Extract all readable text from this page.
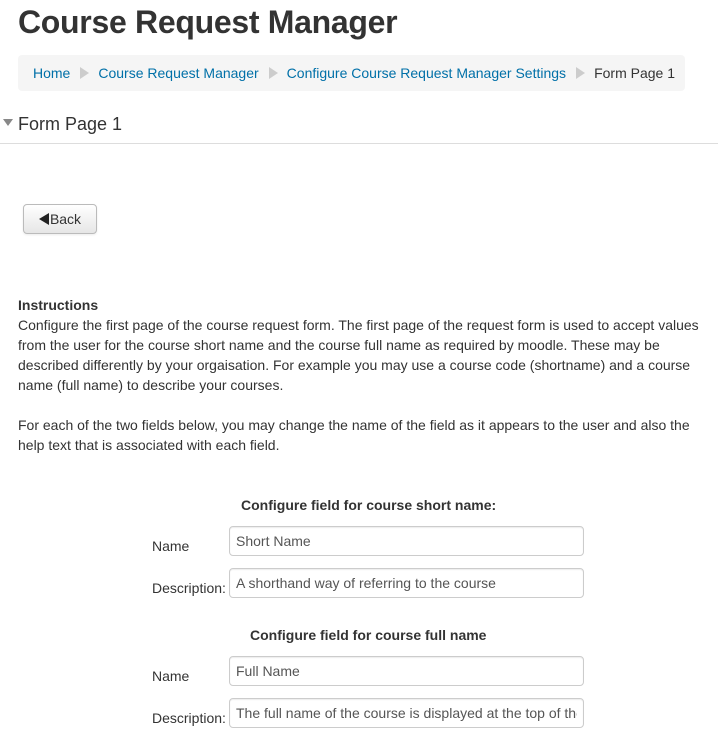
Course Request Manager
Home Course Request Manager Configure Course Request Manager Settings Form Page 1
Form Page 1
Back

Instructions

Configure the first page of the course request form. The first page of the request form is used to accept values from the user for the course short name and the course full name as required by moodle. These may be described differently by your orgaisation. For example you may use a course code (shortname) and a course name (full name) to describe your courses.

For each of the two fields below, you may change the name of the field as it appears to the user and also the help text that is associated with each field.

Configure field for course short name:
Name
Short Name
Description:
A shorthand way of referring to the course
Configure field for course full name
Name
Full Name
Description:
The full name of the course is displayed at the top of the page
